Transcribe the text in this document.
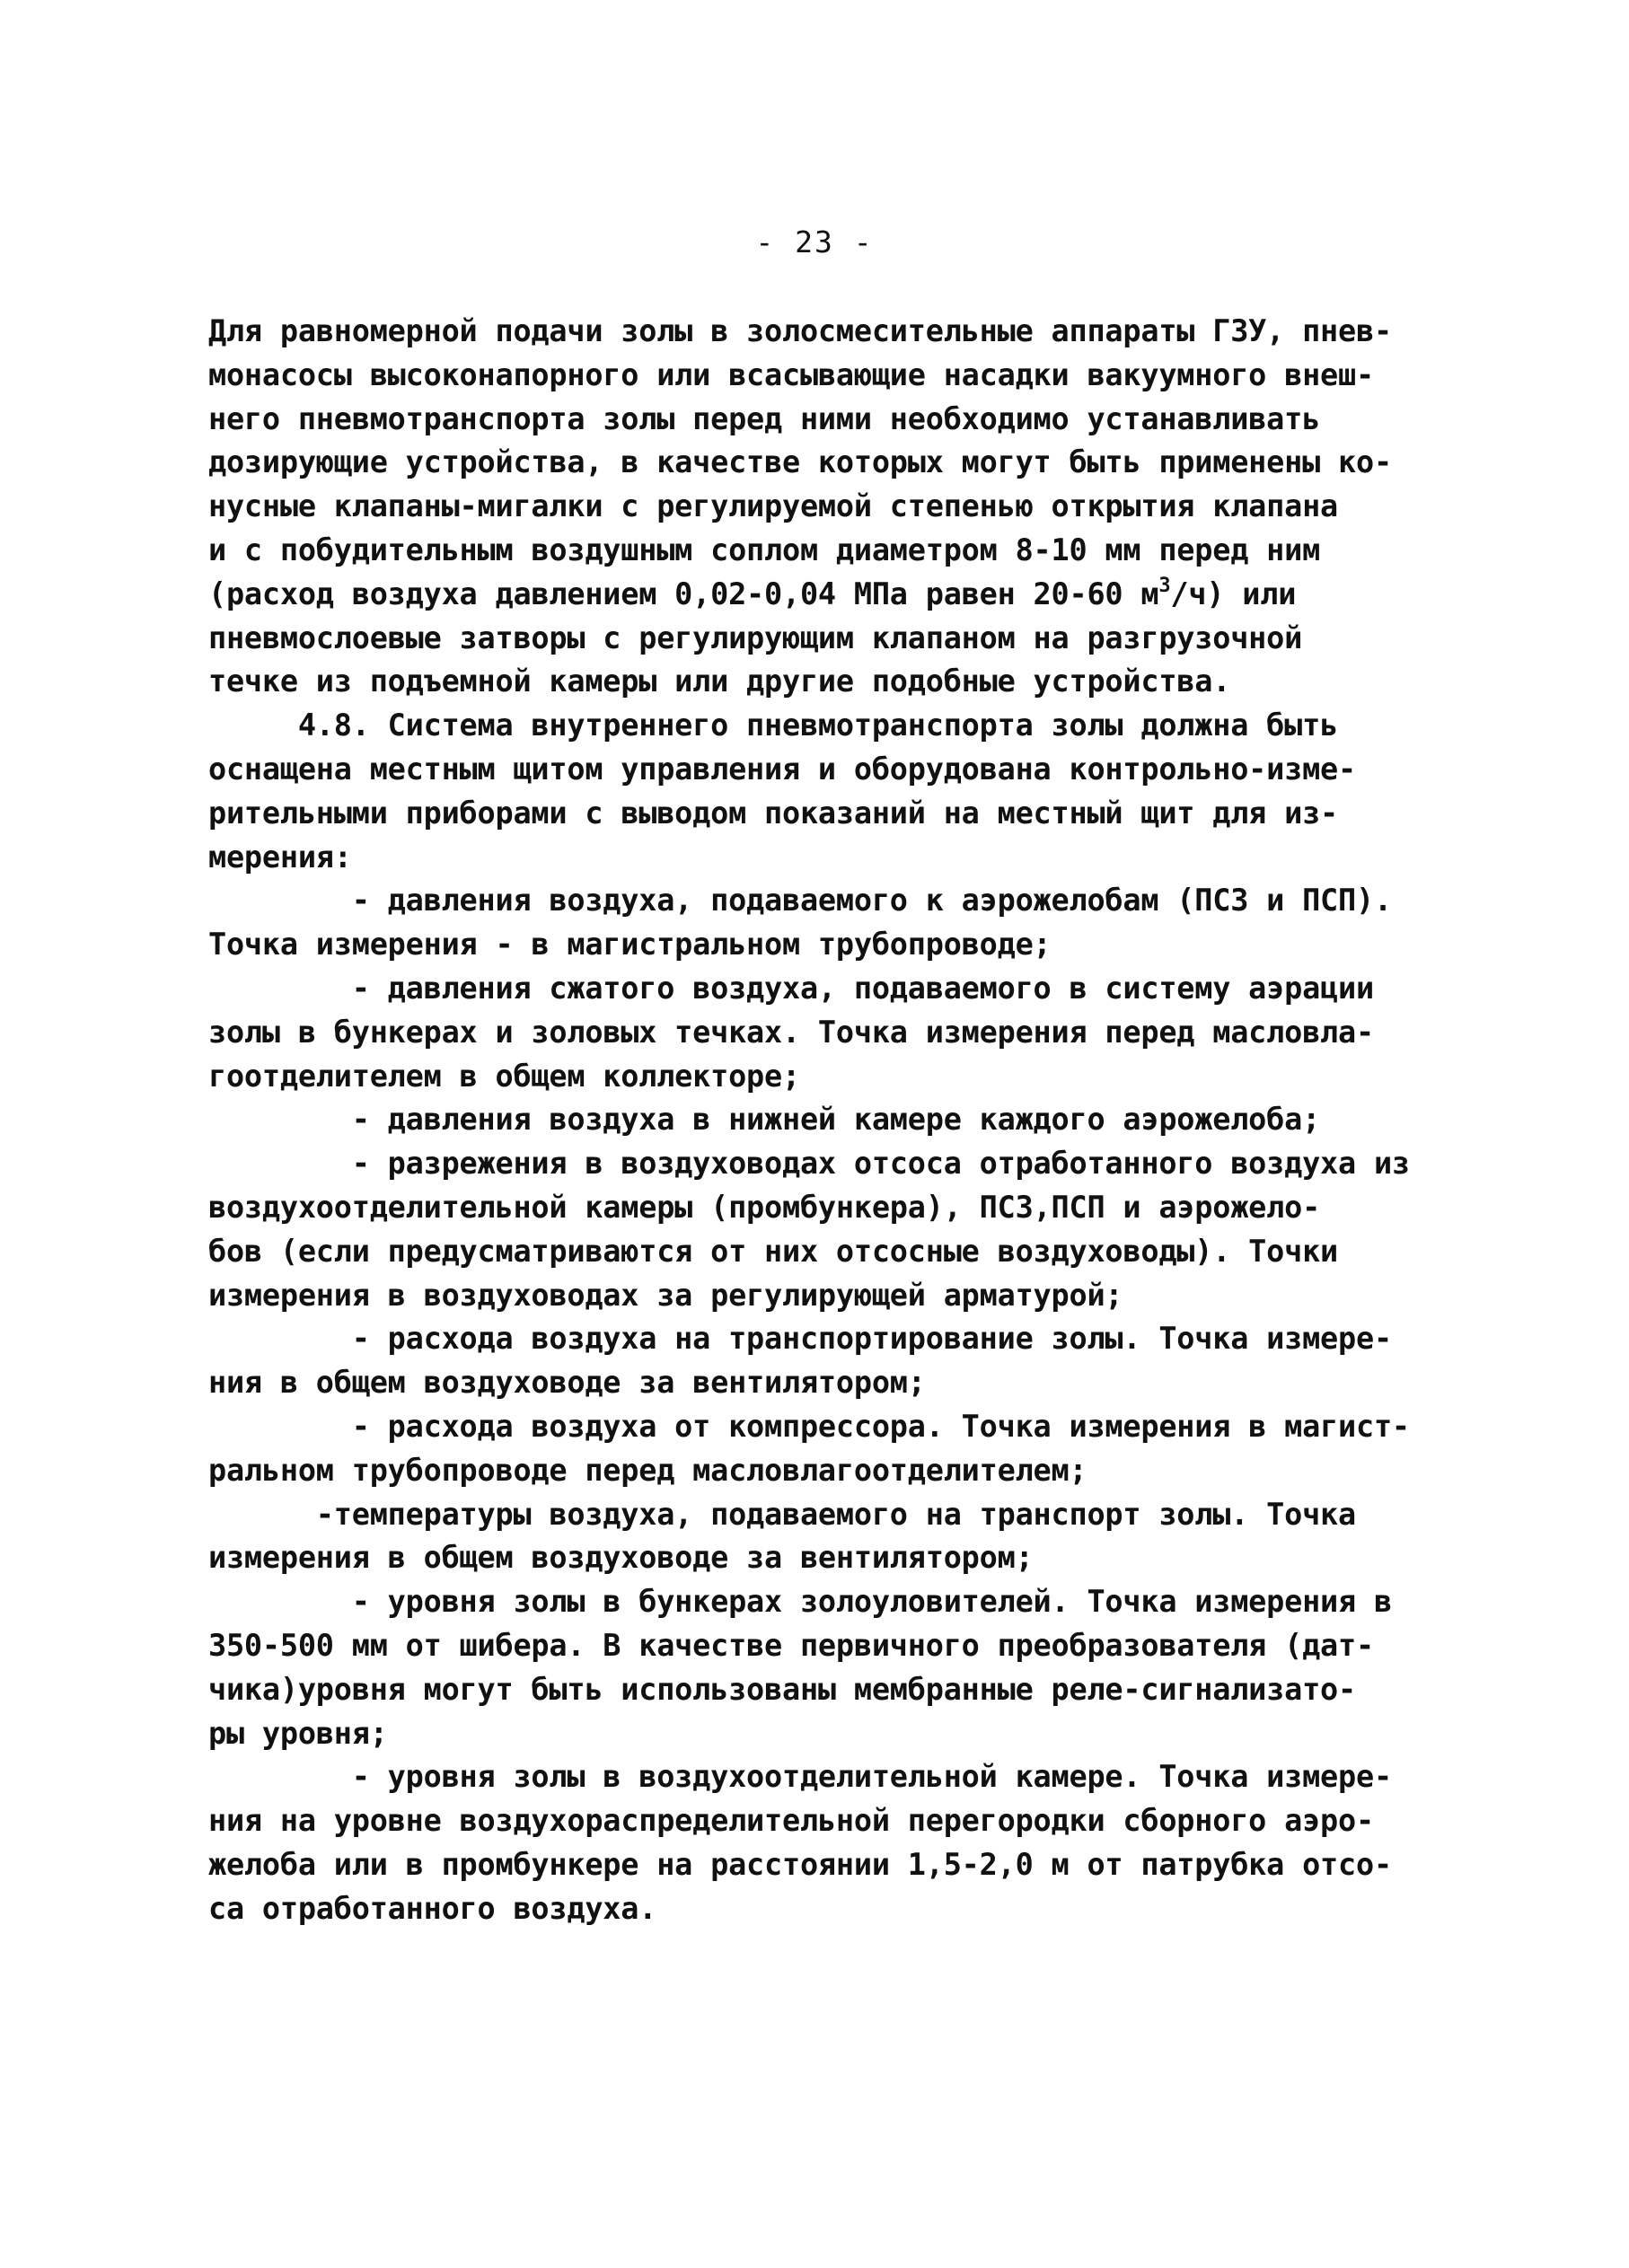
- 23 -
Для равномерной подачи золы в золосмесительные аппараты ГЗУ, пнев-
монасосы высоконапорного или всасывающие насадки вакуумного внеш-
него пневмотранспорта золы перед ними необходимо устанавливать
дозирующие устройства, в качестве которых могут быть применены ко-
нусные клапаны-мигалки с регулируемой степенью открытия клапана
и с побудительным воздушным соплом диаметром 8-10 мм перед ним
(расход воздуха давлением 0,02-0,04 МПа равен 20-60 $м^3/ч$) или
пневмослоевые затворы с регулирующим клапаном на разгрузочной
течке из подъемной камеры или другие подобные устройства.
4.8. Система внутреннего пневмотранспорта золы должна быть
оснащена местным щитом управления и оборудована контрольно-изме-
рительными приборами с выводом показаний на местный щит для из-
мерения:
- давления воздуха, подаваемого к аэрожелобам (ПСЗ и ПСП).
Точка измерения - в магистральном трубопроводе;
- давления сжатого воздуха, подаваемого в систему аэрации
золы в бункерах и золовых течках. Точка измерения перед масловла-
гоотделителем в общем коллекторе;
- давления воздуха в нижней камере каждого аэрожелоба;
- разрежения в воздуховодах отсоса отработанного воздуха из
воздухоотделительной камеры (промбункера), ПСЗ,ПСП и аэрожело-
бов (если предусматриваются от них отсосные воздуховоды). Точки
измерения в воздуховодах за регулирующей арматурой;
- расхода воздуха на транспортирование золы. Точка измере-
ния в общем воздуховоде за вентилятором;
- расхода воздуха от компрессора. Точка измерения в магист-
ральном трубопроводе перед масловлагоотделителем;
-температуры воздуха, подаваемого на транспорт золы. Точка
измерения в общем воздуховоде за вентилятором;
- уровня золы в бункерах золоуловителей. Точка измерения в
350-500 мм от шибера. В качестве первичного преобразователя (дат-
чика)уровня могут быть использованы мембранные реле-сигнализато-
ры уровня;
- уровня золы в воздухоотделительной камере. Точка измере-
ния на уровне воздухораспределительной перегородки сборного аэро-
желоба или в промбункере на расстоянии 1,5-2,0 м от патрубка отсо-
са отработанного воздуха.
